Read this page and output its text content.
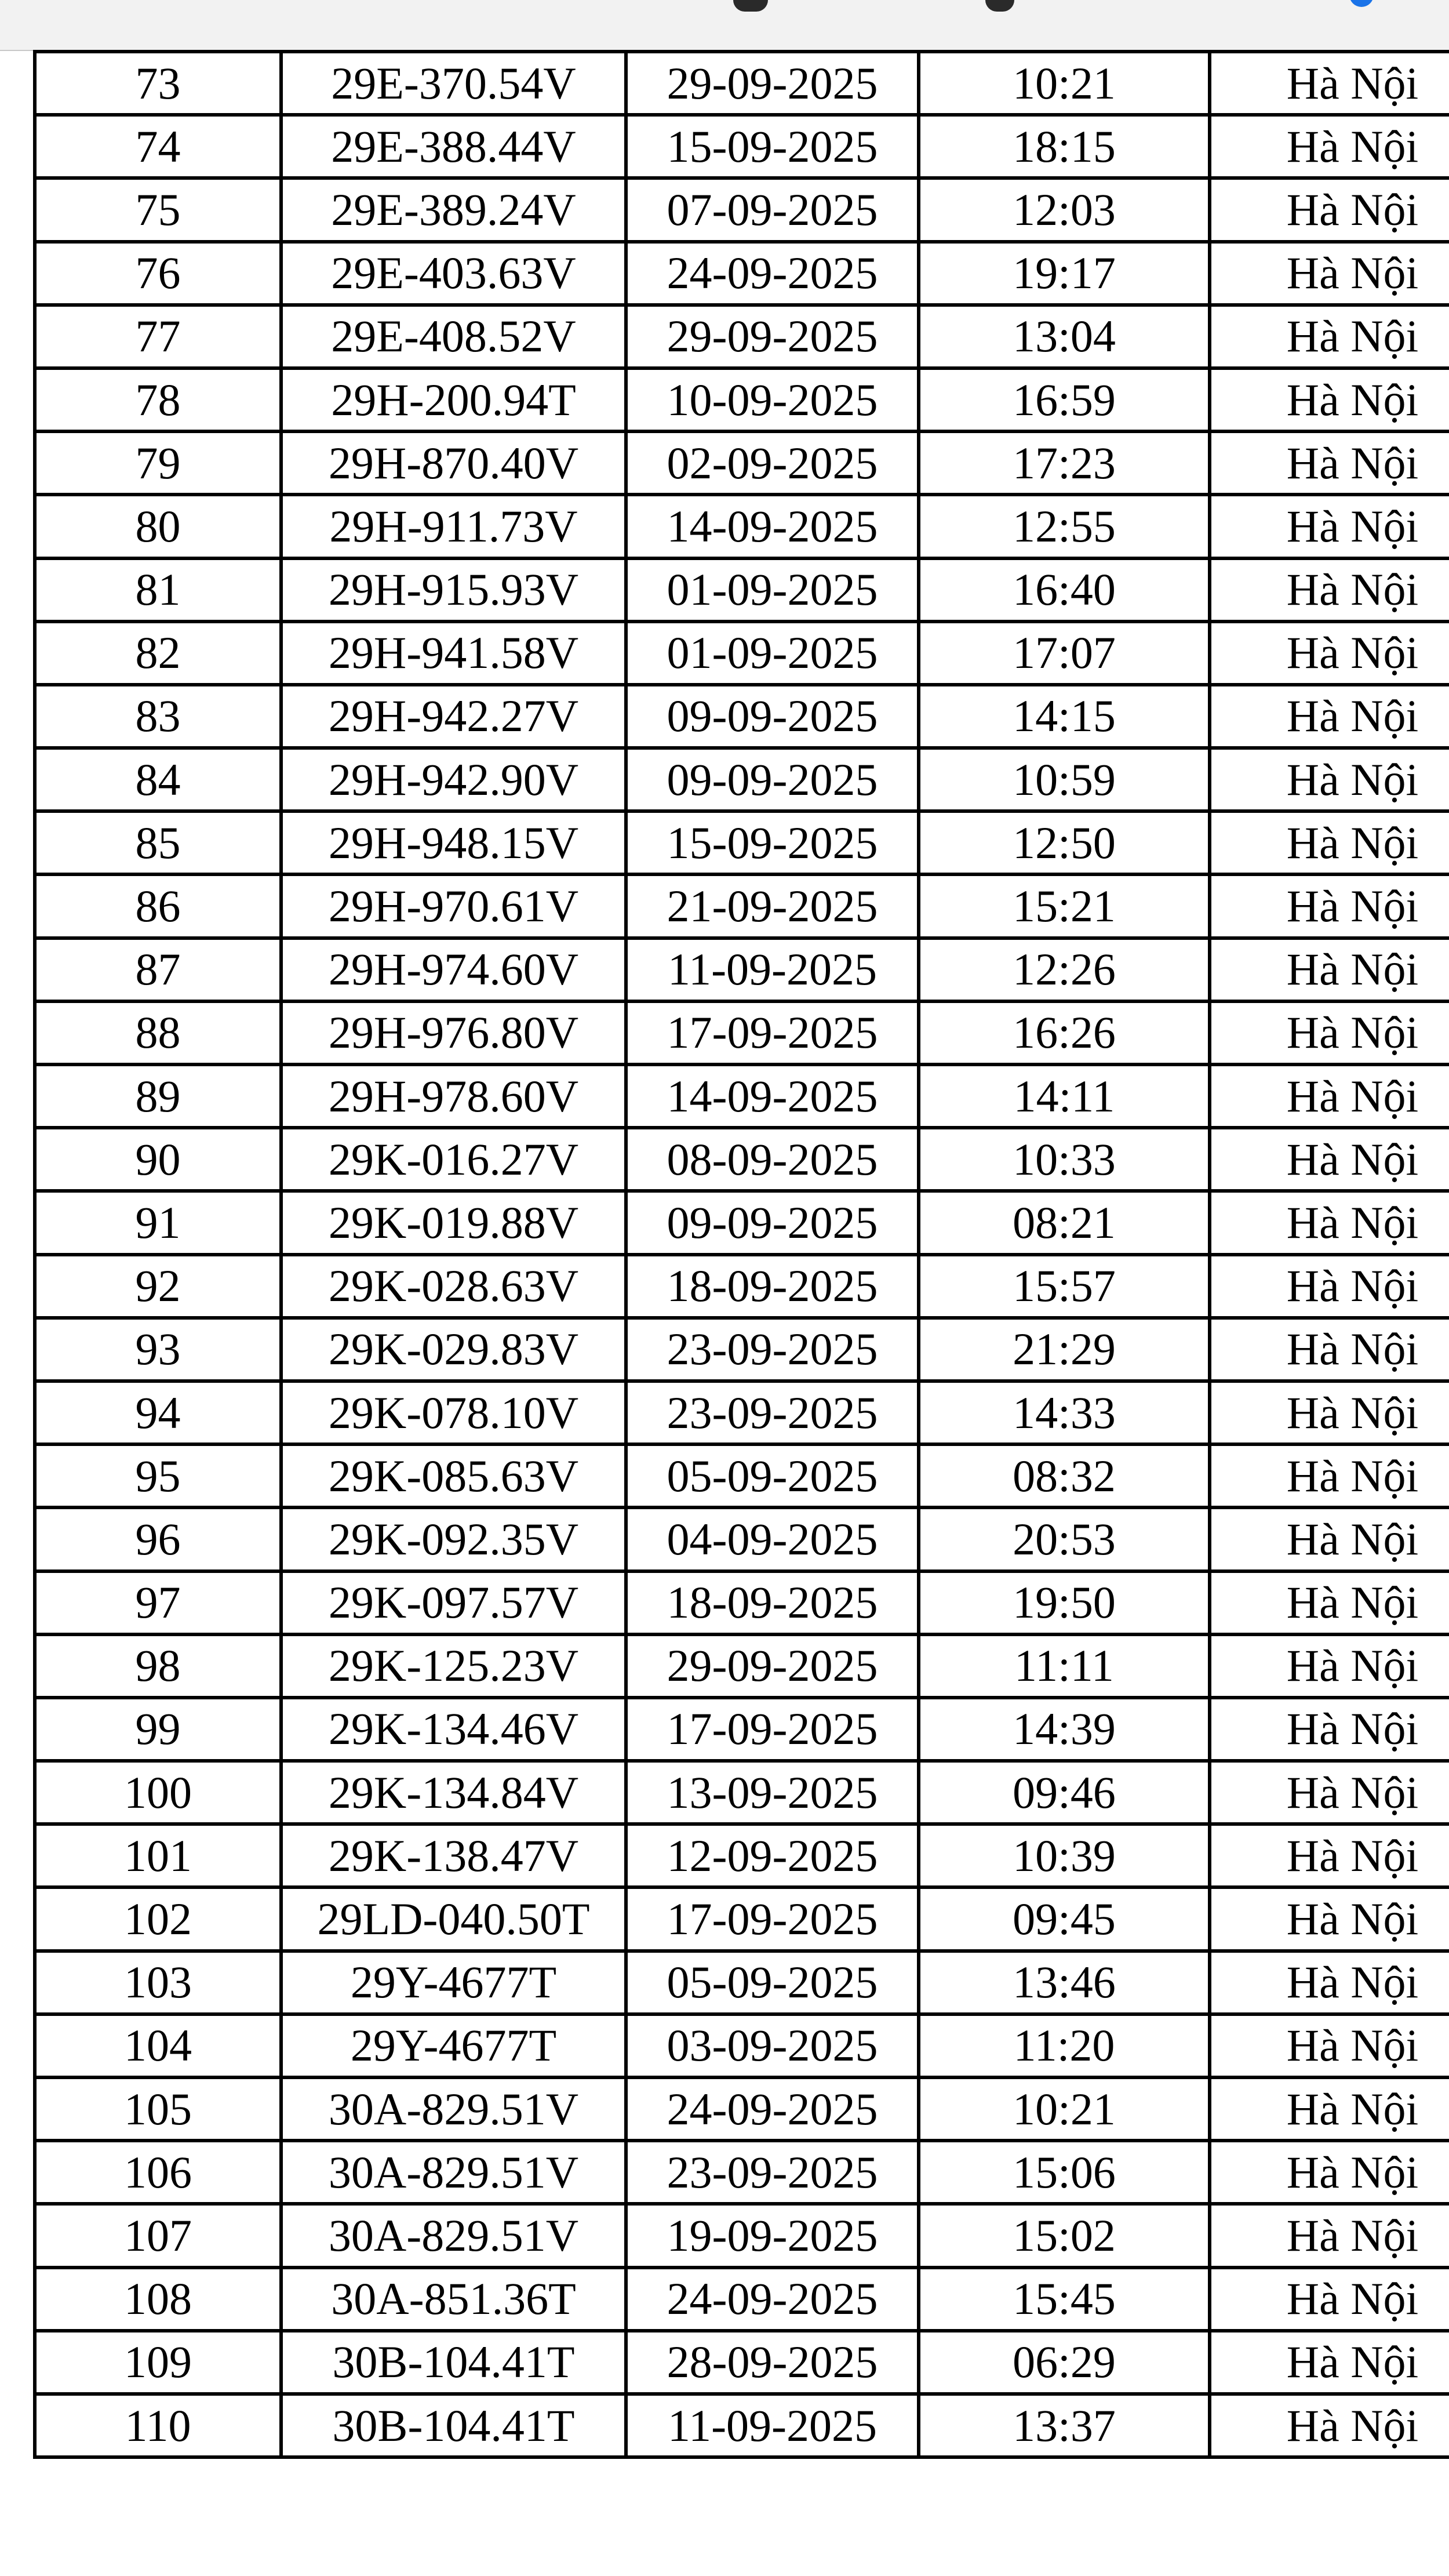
73	29E-370.54V	29-09-2025	10:21	Hà Nội
74	29E-388.44V	15-09-2025	18:15	Hà Nội
75	29E-389.24V	07-09-2025	12:03	Hà Nội
76	29E-403.63V	24-09-2025	19:17	Hà Nội
77	29E-408.52V	29-09-2025	13:04	Hà Nội
78	29H-200.94T	10-09-2025	16:59	Hà Nội
79	29H-870.40V	02-09-2025	17:23	Hà Nội
80	29H-911.73V	14-09-2025	12:55	Hà Nội
81	29H-915.93V	01-09-2025	16:40	Hà Nội
82	29H-941.58V	01-09-2025	17:07	Hà Nội
83	29H-942.27V	09-09-2025	14:15	Hà Nội
84	29H-942.90V	09-09-2025	10:59	Hà Nội
85	29H-948.15V	15-09-2025	12:50	Hà Nội
86	29H-970.61V	21-09-2025	15:21	Hà Nội
87	29H-974.60V	11-09-2025	12:26	Hà Nội
88	29H-976.80V	17-09-2025	16:26	Hà Nội
89	29H-978.60V	14-09-2025	14:11	Hà Nội
90	29K-016.27V	08-09-2025	10:33	Hà Nội
91	29K-019.88V	09-09-2025	08:21	Hà Nội
92	29K-028.63V	18-09-2025	15:57	Hà Nội
93	29K-029.83V	23-09-2025	21:29	Hà Nội
94	29K-078.10V	23-09-2025	14:33	Hà Nội
95	29K-085.63V	05-09-2025	08:32	Hà Nội
96	29K-092.35V	04-09-2025	20:53	Hà Nội
97	29K-097.57V	18-09-2025	19:50	Hà Nội
98	29K-125.23V	29-09-2025	11:11	Hà Nội
99	29K-134.46V	17-09-2025	14:39	Hà Nội
100	29K-134.84V	13-09-2025	09:46	Hà Nội
101	29K-138.47V	12-09-2025	10:39	Hà Nội
102	29LD-040.50T	17-09-2025	09:45	Hà Nội
103	29Y-4677T	05-09-2025	13:46	Hà Nội
104	29Y-4677T	03-09-2025	11:20	Hà Nội
105	30A-829.51V	24-09-2025	10:21	Hà Nội
106	30A-829.51V	23-09-2025	15:06	Hà Nội
107	30A-829.51V	19-09-2025	15:02	Hà Nội
108	30A-851.36T	24-09-2025	15:45	Hà Nội
109	30B-104.41T	28-09-2025	06:29	Hà Nội
110	30B-104.41T	11-09-2025	13:37	Hà Nội
